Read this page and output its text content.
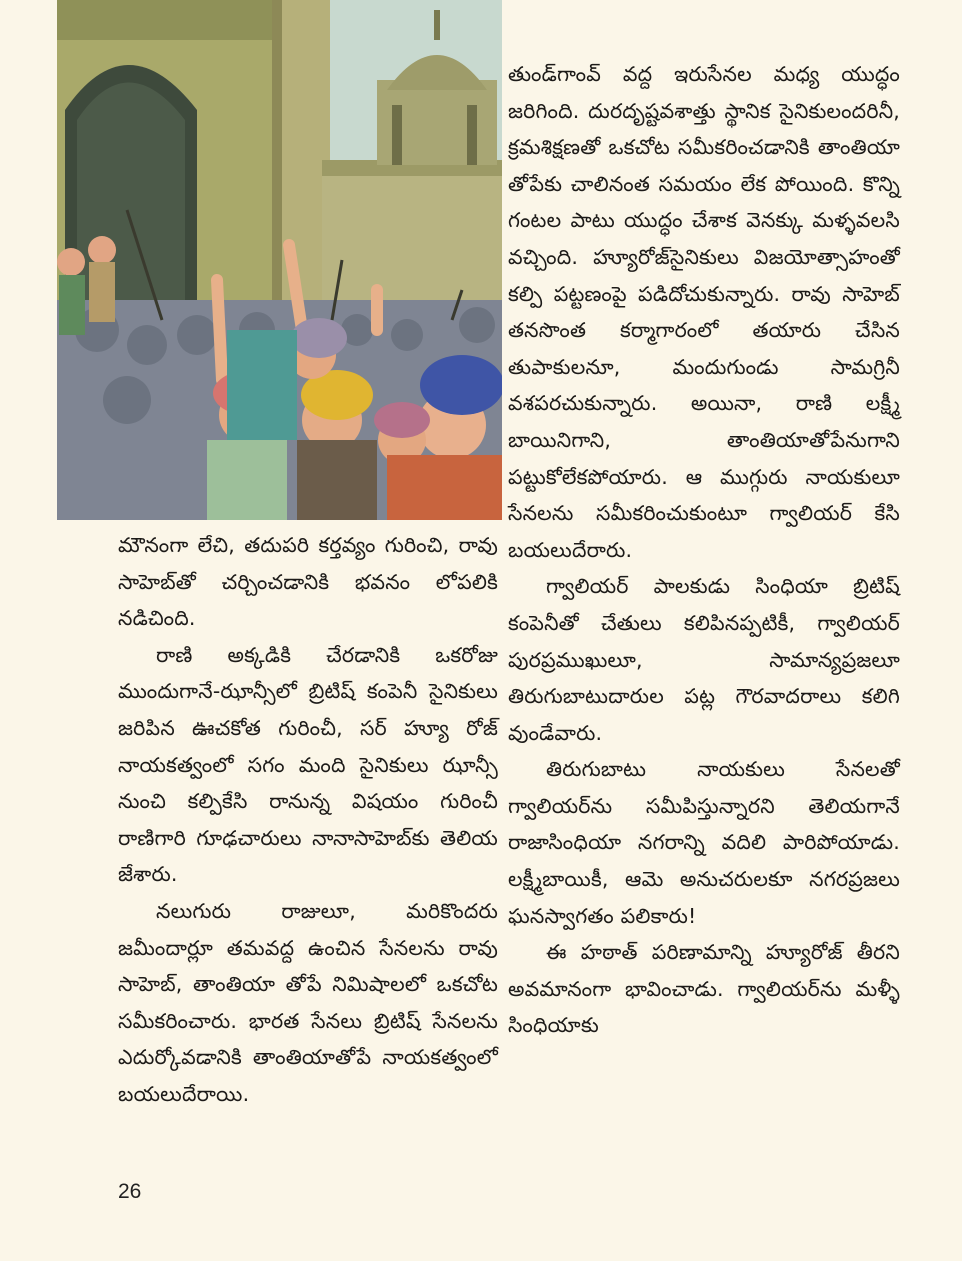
మౌనంగా లేచి, తదుపరి కర్తవ్యం గురించి, రావు సాహెబ్‌తో చర్చించడానికి భవనం లోపలికి నడిచింది.

రాణి అక్కడికి చేరడానికి ఒకరోజు ముందుగానే-ఝాన్సీలో బ్రిటిష్ కంపెనీ సైనికులు జరిపిన ఊచకోత గురించీ, సర్ హ్యూ రోజ్ నాయకత్వంలో సగం మంది సైనికులు ఝాన్సీ నుంచి కల్పికేసి రానున్న విషయం గురించీ రాణిగారి గూఢచారులు నానాసాహెబ్‌కు తెలియ జేశారు.

నలుగురు రాజులూ, మరికొందరు జమీందార్లూ తమవద్ద ఉంచిన సేనలను రావు సాహెబ్, తాంతియా తోపే నిమిషాలలో ఒకచోట సమీకరించారు. భారత సేనలు బ్రిటిష్ సేనలను ఎదుర్కోవడానికి తాంతియాతోపే నాయకత్వంలో బయలుదేరాయి.

తుండ్‌గాంవ్ వద్ద ఇరుసేనల మధ్య యుద్ధం జరిగింది. దురదృష్టవశాత్తు స్థానిక సైనికులందరినీ, క్రమశిక్షణతో ఒకచోట సమీకరించడానికి తాంతియా తోపేకు చాలినంత సమయం లేక పోయింది. కొన్ని గంటల పాటు యుద్ధం చేశాక వెనక్కు మళ్ళవలసి వచ్చింది. హ్యూరోజ్‌సైనికులు విజయోత్సాహంతో కల్పి పట్టణంపై పడిదోచుకున్నారు. రావు సాహెబ్ తనసొంత కర్మాగారంలో తయారు చేసిన తుపాకులనూ, మందుగుండు సామగ్రినీ వశపరచుకున్నారు. అయినా, రాణి లక్ష్మీ బాయినిగాని, తాంతియాతోపేనుగాని పట్టుకోలేకపోయారు. ఆ ముగ్గురు నాయకులూ సేనలను సమీకరించుకుంటూ గ్వాలియర్ కేసి బయలుదేరారు.

గ్వాలియర్ పాలకుడు సింధియా బ్రిటిష్ కంపెనీతో చేతులు కలిపినప్పటికీ, గ్వాలియర్ పురప్రముఖులూ, సామాన్యప్రజలూ తిరుగుబాటుదారుల పట్ల గౌరవాదరాలు కలిగి వుండేవారు.

తిరుగుబాటు నాయకులు సేనలతో గ్వాలియర్‌ను సమీపిస్తున్నారని తెలియగానే రాజాసింధియా నగరాన్ని వదిలి పారిపోయాడు. లక్ష్మీబాయికీ, ఆమె అనుచరులకూ నగరప్రజలు ఘనస్వాగతం పలికారు!

ఈ హఠాత్ పరిణామాన్ని హ్యూరోజ్ తీరని అవమానంగా భావించాడు. గ్వాలియర్‌ను మళ్ళీ సింధియాకు

26
